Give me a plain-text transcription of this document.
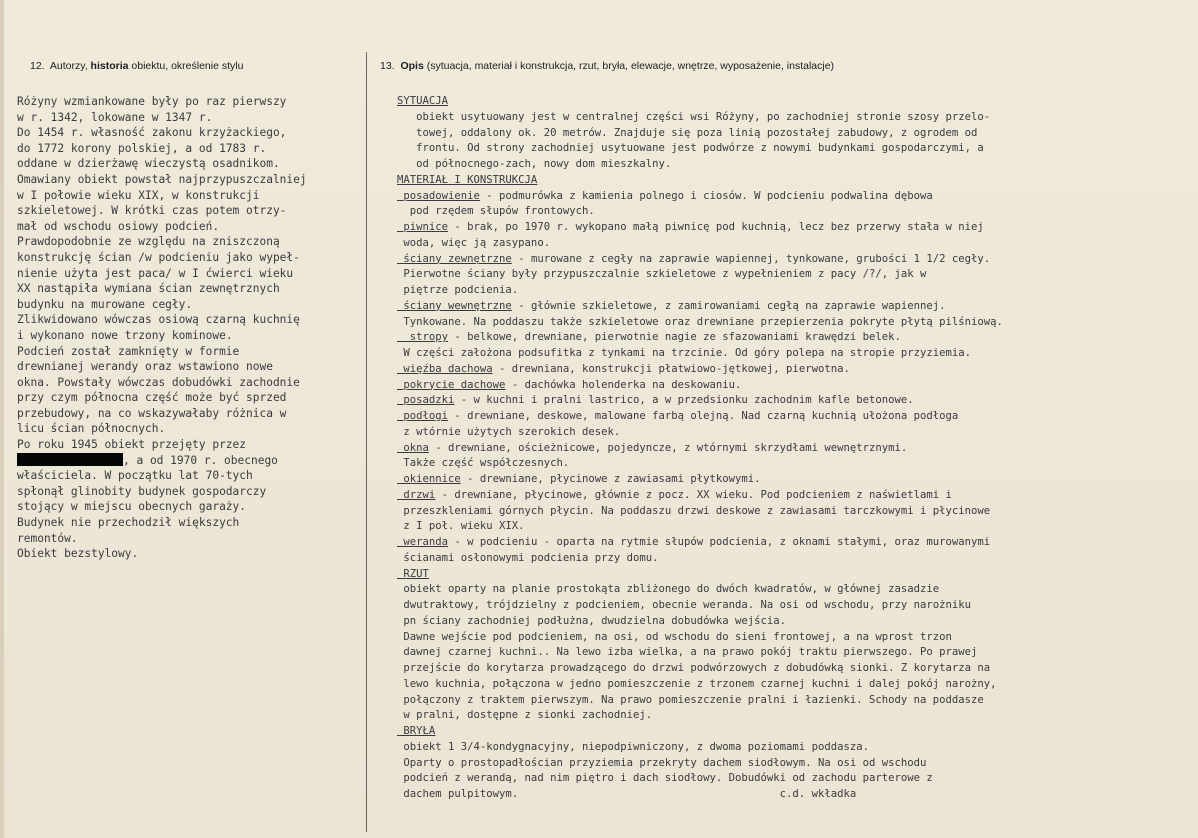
12. Autorzy, historia obiektu, określenie stylu	13. Opis (sytuacja, materiał i konstrukcja, rzut, bryła, elewacje, wnętrze, wyposażenie, instalacje)
Różyny wzmiankowane były po raz pierwszy
w r. 1342, lokowane w 1347 r.
Do 1454 r. własność zakonu krzyżackiego,
do 1772 korony polskiej, a od 1783 r.
oddane w dzierżawę wieczystą osadnikom.
Omawiany obiekt powstał najprzypuszczalniej
w I połowie wieku XIX, w konstrukcji
szkieletowej. W krótki czas potem otrzy-
mał od wschodu osiowy podcień.
Prawdopodobnie ze względu na zniszczoną
konstrukcję ścian /w podcieniu jako wypeł-
nienie użyta jest paca/ w I ćwierci wieku
XX nastąpiła wymiana ścian zewnętrznych
budynku na murowane cegły.
Zlikwidowano wówczas osiową czarną kuchnię
i wykonano nowe trzony kominowe.
Podcień został zamknięty w formie
drewnianej werandy oraz wstawiono nowe
okna. Powstały wówczas dobudówki zachodnie
przy czym północna część może być sprzed
przebudowy, na co wskazywałaby różnica w
licu ścian północnych.
Po roku 1945 obiekt przejęty przez
, a od 1970 r. obecnego
właściciela. W początku lat 70-tych
spłonął glinobity budynek gospodarczy
stojący w miejscu obecnych garaży.
Budynek nie przechodził większych
remontów.
Obiekt bezstylowy.
SYTUACJA
obiekt usytuowany jest w centralnej części wsi Różyny, po zachodniej stronie szosy przelo-
towej, oddalony ok. 20 metrów. Znajduje się poza linią pozostałej zabudowy, z ogrodem od
frontu. Od strony zachodniej usytuowane jest podwórze z nowymi budynkami gospodarczymi, a
od północnego-zach, nowy dom mieszkalny.
MATERIAŁ I KONSTRUKCJA
posadowienie - podmurówka z kamienia polnego i ciosów. W podcieniu podwalina dębowa
pod rzędem słupów frontowych.
piwnice - brak, po 1970 r. wykopano małą piwnicę pod kuchnią, lecz bez przerwy stała w niej
woda, więc ją zasypano.
ściany zewnętrzne - murowane z cegły na zaprawie wapiennej, tynkowane, grubości 1 1/2 cegły.
Pierwotne ściany były przypuszczalnie szkieletowe z wypełnieniem z pacy /?/, jak w
piętrze podcienia.
ściany wewnętrzne - głównie szkieletowe, z zamirowaniami cegłą na zaprawie wapiennej.
Tynkowane. Na poddaszu także szkieletowe oraz drewniane przepierzenia pokryte płytą pilśniową.
stropy - belkowe, drewniane, pierwotnie nagie ze sfazowaniami krawędzi belek.
W części założona podsufitka z tynkami na trzcinie. Od góry polepa na stropie przyziemia.
więźba dachowa - drewniana, konstrukcji płatwiowo-jętkowej, pierwotna.
pokrycie dachowe - dachówka holenderka na deskowaniu.
posadzki - w kuchni i pralni lastrico, a w przedsionku zachodnim kafle betonowe.
podłogi - drewniane, deskowe, malowane farbą olejną. Nad czarną kuchnią ułożona podłoga
z wtórnie użytych szerokich desek.
okna - drewniane, ościeżnicowe, pojedyncze, z wtórnymi skrzydłami wewnętrznymi.
Także część współczesnych.
okiennice - drewniane, płycinowe z zawiasami płytkowymi.
drzwi - drewniane, płycinowe, głównie z pocz. XX wieku. Pod podcieniem z naświetlami i
przeszkleniami górnych płycin. Na poddaszu drzwi deskowe z zawiasami tarczkowymi i płycinowe
z I poł. wieku XIX.
weranda - w podcieniu - oparta na rytmie słupów podcienia, z oknami stałymi, oraz murowanymi
ścianami osłonowymi podcienia przy domu.
RZUT
obiekt oparty na planie prostokąta zbliżonego do dwóch kwadratów, w głównej zasadzie
dwutraktowy, trójdzielny z podcieniem, obecnie weranda. Na osi od wschodu, przy narożniku
pn ściany zachodniej podłużna, dwudzielna dobudówka wejścia.
Dawne wejście pod podcieniem, na osi, od wschodu do sieni frontowej, a na wprost trzon
dawnej czarnej kuchni.. Na lewo izba wielka, a na prawo pokój traktu pierwszego. Po prawej
przejście do korytarza prowadzącego do drzwi podwórzowych z dobudówką sionki. Z korytarza na
lewo kuchnia, połączona w jedno pomieszczenie z trzonem czarnej kuchni i dalej pokój narożny,
połączony z traktem pierwszym. Na prawo pomieszczenie pralni i łazienki. Schody na poddasze
w pralni, dostępne z sionki zachodniej.
BRYŁA
obiekt 1 3/4-kondygnacyjny, niepodpiwniczony, z dwoma poziomami poddasza.
Oparty o prostopadłościan przyziemia przekryty dachem siodłowym. Na osi od wschodu
podcień z werandą, nad nim piętro i dach siodłowy. Dobudówki od zachodu parterowe z
dachem pulpitowym.                                         c.d. wkładka
